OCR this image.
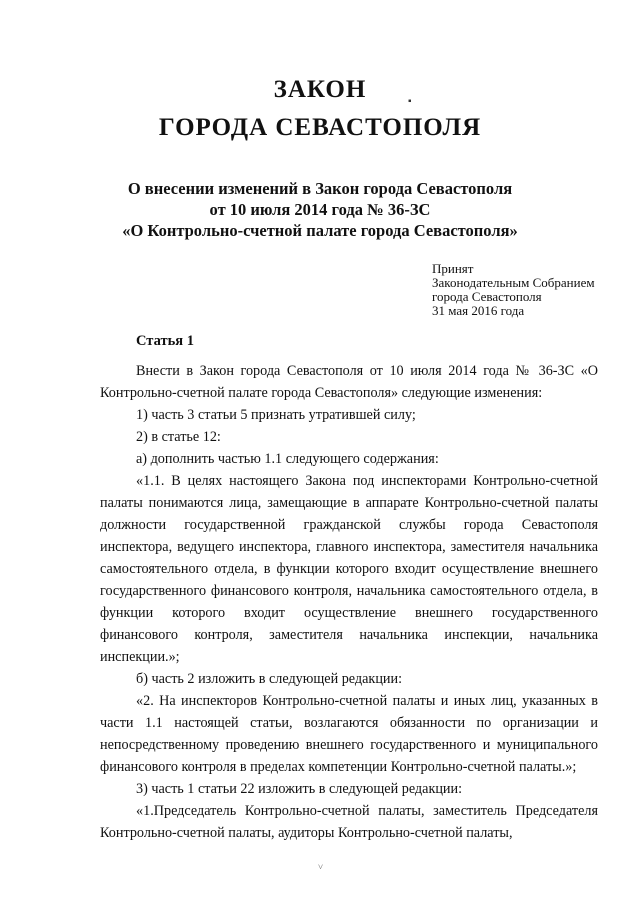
ЗАКОН	▪
ГОРОДА СЕВАСТОПОЛЯ
О внесении изменений в Закон города Севастополя
от 10 июля 2014 года № 36-ЗС
«О Контрольно-счетной палате города Севастополя»
Принят
Законодательным Собранием
города Севастополя
31 мая 2016 года
Статья 1

Внести в Закон города Севастополя от 10 июля 2014 года № 36-ЗС «О Контрольно-счетной палате города Севастополя» следующие изменения:

1) часть 3 статьи 5 признать утратившей силу;

2) в статье 12:

а) дополнить частью 1.1 следующего содержания:

«1.1. В целях настоящего Закона под инспекторами Контрольно-счетной палаты понимаются лица, замещающие в аппарате Контрольно-счетной палаты должности государственной гражданской службы города Севастополя инспектора, ведущего инспектора, главного инспектора, заместителя начальника самостоятельного отдела, в функции которого входит осуществление внешнего государственного финансового контроля, начальника самостоятельного отдела, в функции которого входит осуществление внешнего государственного финансового контроля, заместителя начальника инспекции, начальника инспекции.»;

б) часть 2 изложить в следующей редакции:

«2. На инспекторов Контрольно-счетной палаты и иных лиц, указанных в части 1.1 настоящей статьи, возлагаются обязанности по организации и непосредственному проведению внешнего государственного и муниципального финансового контроля в пределах компетенции Контрольно-счетной палаты.»;

3) часть 1 статьи 22 изложить в следующей редакции:

«1.Председатель Контрольно-счетной палаты, заместитель Председателя Контрольно-счетной палаты, аудиторы Контрольно-счетной палаты,

˅
